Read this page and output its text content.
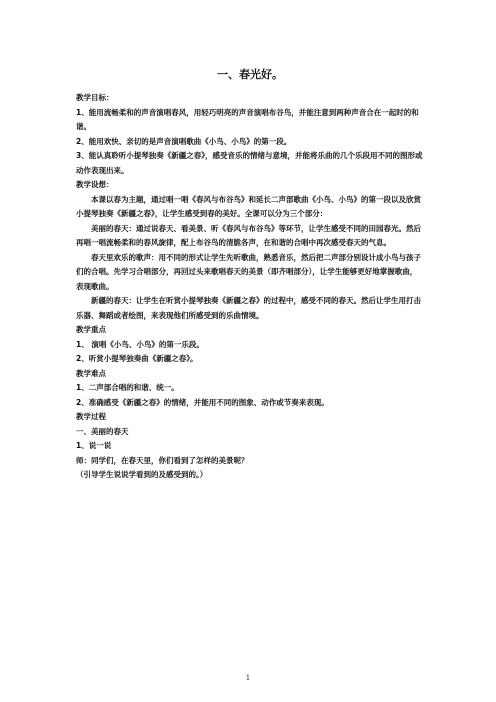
一、春光好。
教学目标：
1、能用流畅柔和的声音演唱春风，用轻巧明亮的声音演唱布谷鸟，并能注意到两种声音合在一起时的和谐。
2、能用欢快、亲切的是声音演唱歌曲《小鸟、小鸟》的第一段。
3、能认真聆听小提琴独奏《新疆之春》，感受音乐的情绪与意境，并能将乐曲的几个乐段用不同的图形或动作表现出来。
教学设想：
本课以春为主题，通过唱一唱《春风与布谷鸟》和延长二声部歌曲《小鸟、小鸟》的第一段以及欣赏小提琴独奏《新疆之春》，让学生感受到春的美好。全课可以分为三个部分：
美丽的春天：通过说春天、看美景、听《春风与布谷鸟》等环节，让学生感受不同的田园春光。然后再唱一唱流畅柔和的春风旋律，配上布谷鸟的清脆各声，在和谐的合唱中再次感受春天的气息。
春天里欢乐的歌声：用不同的形式让学生先听歌曲，熟悉音乐，然后把二声部分别设计成小鸟与孩子们的合唱。先学习合唱部分，再回过头来歌唱春天的美景（即齐唱部分），让学生能够更好地掌握歌曲，表现歌曲。
新疆的春天：让学生在听赏小提琴独奏《新疆之春》的过程中，感受不同的春天。然后让学生用打击乐器、舞蹈或者绘图，来表现他们所感受到的乐曲情境。
教学重点
1、 演唱《小鸟、小鸟》的第一乐段。
2、听赏小提琴独奏曲《新疆之春》。
教学难点
1、二声部合唱的和谐、统一。
2、准确感受《新疆之春》的情绪，并能用不同的图象、动作或节奏来表现。
教学过程
一、美丽的春天
1、说一说
师：同学们，在春天里，你们看到了怎样的美景呢？
（引导学生说说学看到的及感受到的。）
1
